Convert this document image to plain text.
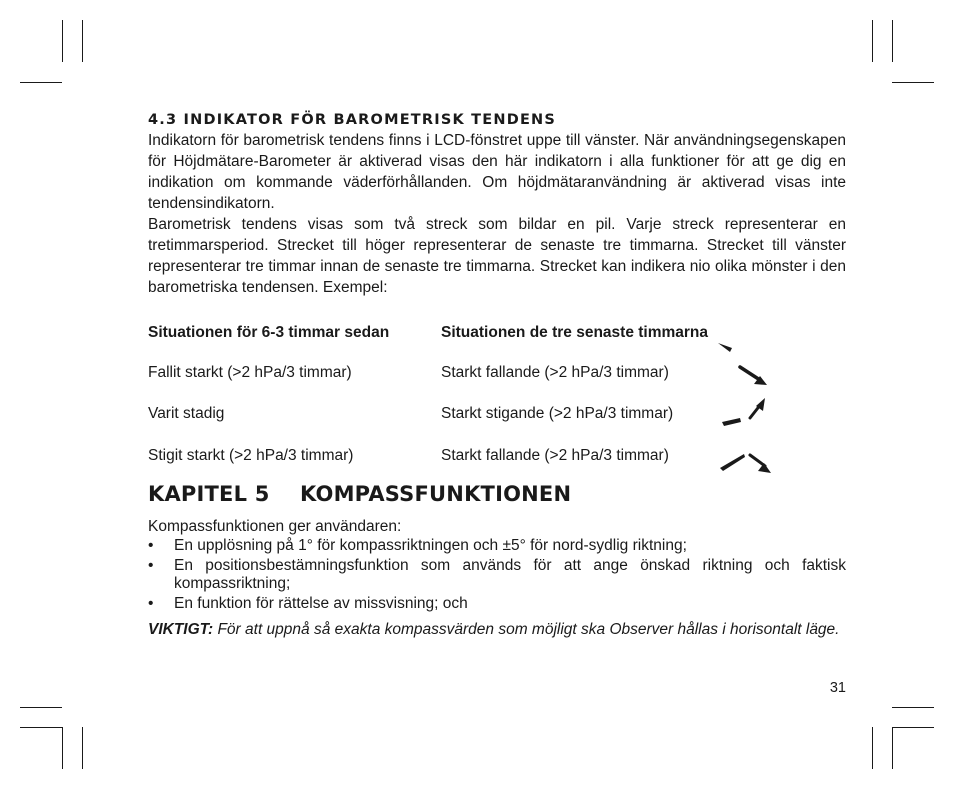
4.3 INDIKATOR FÖR BAROMETRISK TENDENS

Indikatorn för barometrisk tendens finns i LCD-fönstret uppe till vänster. När användningsegenskapen för Höjdmätare-Barometer är aktiverad visas den här indikatorn i alla funktioner för att ge dig en indikation om kommande väderförhållanden. Om höjdmätaranvändning är aktiverad visas inte tendensindikatorn.

Barometrisk tendens visas som två streck som bildar en pil. Varje streck representerar en tretimmarsperiod. Strecket till höger representerar de senaste tre timmarna. Strecket till vänster representerar tre timmar innan de senaste tre timmarna. Strecket kan indikera nio olika mönster i den barometriska tendensen. Exempel:

Situationen för 6-3 timmar sedan	Situationen de tre senaste timmarna
Fallit starkt (>2 hPa/3 timmar)	Starkt fallande (>2 hPa/3 timmar)
Varit stadig	Starkt stigande (>2 hPa/3 timmar)
Stigit starkt (>2 hPa/3 timmar)	Starkt fallande (>2 hPa/3 timmar)
KAPITEL 5 KOMPASSFUNKTIONEN

Kompassfunktionen ger användaren:

• En upplösning på 1° för kompassriktningen och ±5° för nord-sydlig riktning;
• En positionsbestämningsfunktion som används för att ange önskad riktning och faktisk kompassriktning;
• En funktion för rättelse av missvisning; och

VIKTIGT: För att uppnå så exakta kompassvärden som möjligt ska Observer hållas i horisontalt läge.

31
